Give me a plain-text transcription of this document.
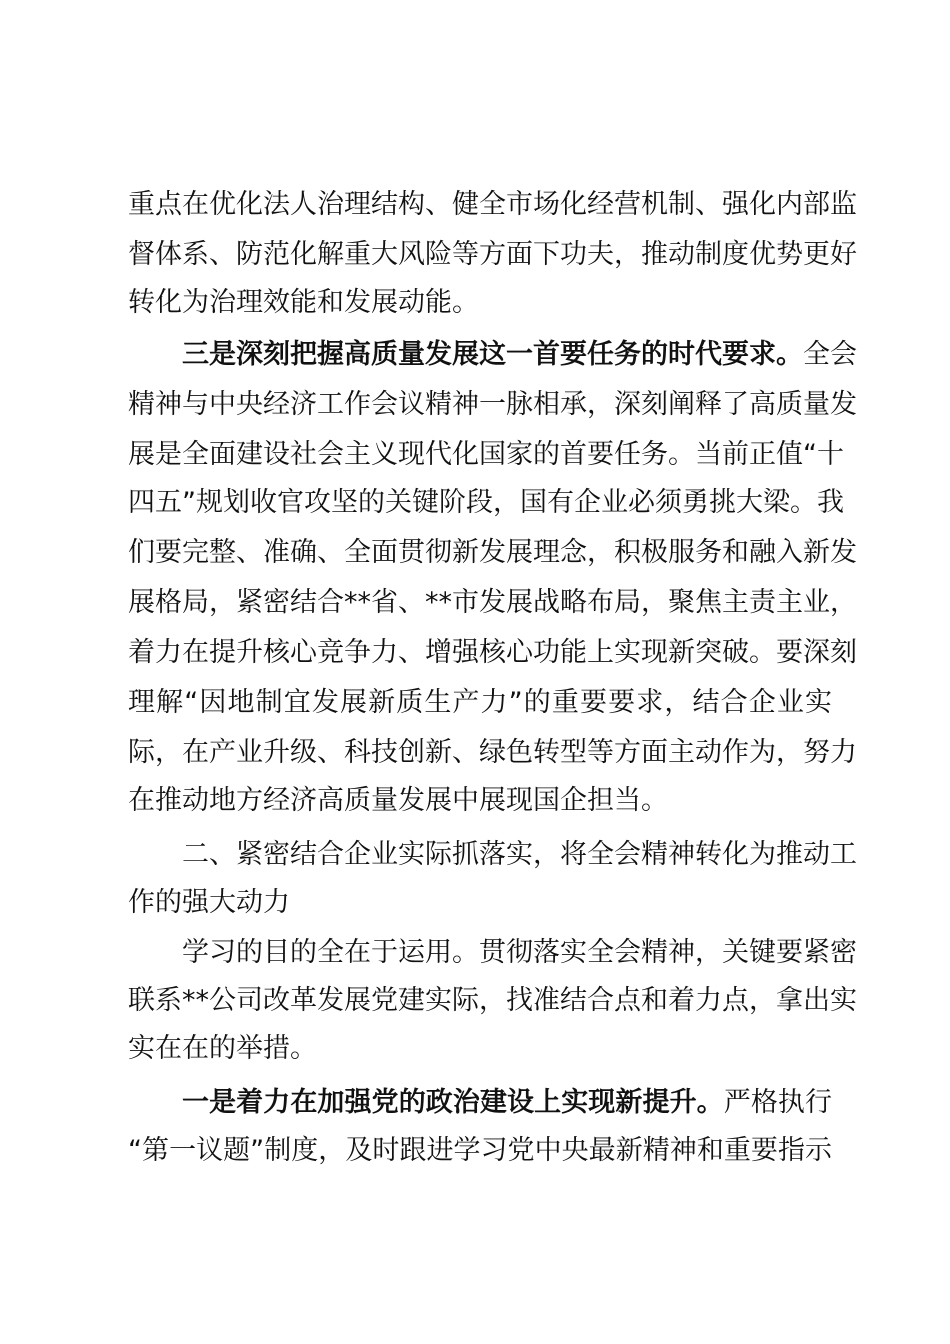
重点在优化法人治理结构、健全市场化经营机制、强化内部监
督体系、防范化解重大风险等方面下功夫，推动制度优势更好
转化为治理效能和发展动能。
三是深刻把握高质量发展这一首要任务的时代要求。全会
精神与中央经济工作会议精神一脉相承，深刻阐释了高质量发
展是全面建设社会主义现代化国家的首要任务。当前正值“十
四五”规划收官攻坚的关键阶段，国有企业必须勇挑大梁。我
们要完整、准确、全面贯彻新发展理念，积极服务和融入新发
展格局，紧密结合**省、**市发展战略布局，聚焦主责主业，
着力在提升核心竞争力、增强核心功能上实现新突破。要深刻
理解“因地制宜发展新质生产力”的重要要求，结合企业实
际，在产业升级、科技创新、绿色转型等方面主动作为，努力
在推动地方经济高质量发展中展现国企担当。
二、紧密结合企业实际抓落实，将全会精神转化为推动工
作的强大动力
学习的目的全在于运用。贯彻落实全会精神，关键要紧密
联系**公司改革发展党建实际，找准结合点和着力点，拿出实
实在在的举措。
一是着力在加强党的政治建设上实现新提升。严格执行
“第一议题”制度，及时跟进学习党中央最新精神和重要指示
